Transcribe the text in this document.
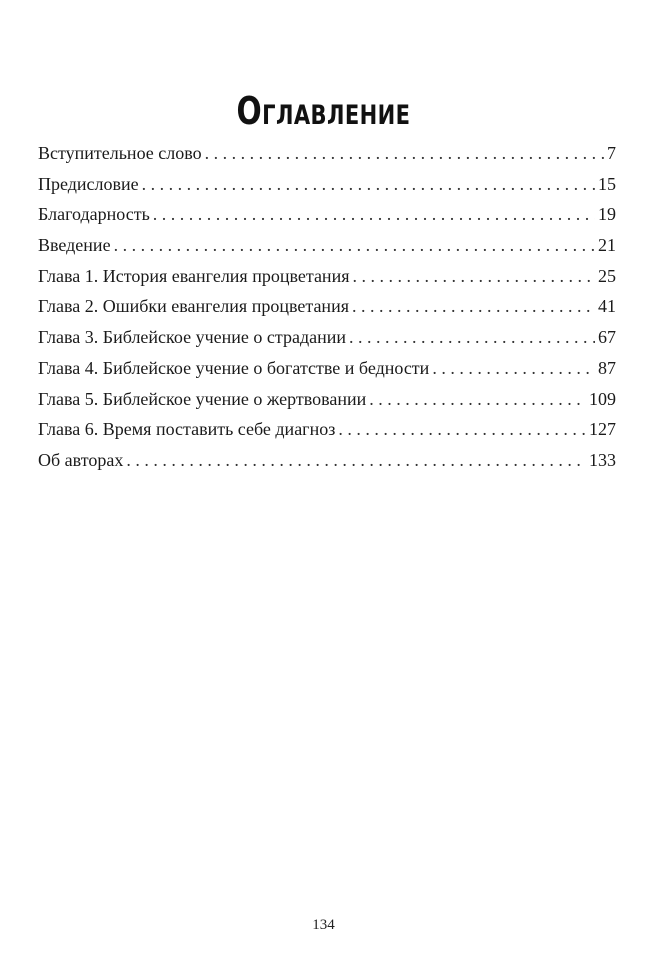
Оглавление
Вступительное слово . . .	7
Предисловие . . .	15
Благодарность . . .	19
Введение . . .	21
Глава 1. История евангелия процветания . . .	25
Глава 2. Ошибки евангелия процветания . . .	41
Глава 3. Библейское учение о страдании . . .	67
Глава 4. Библейское учение о богатстве и бедности . . .	87
Глава 5. Библейское учение о жертвовании . . .	109
Глава 6. Время поставить себе диагноз . . .	127
Об авторах . . .	133
134
